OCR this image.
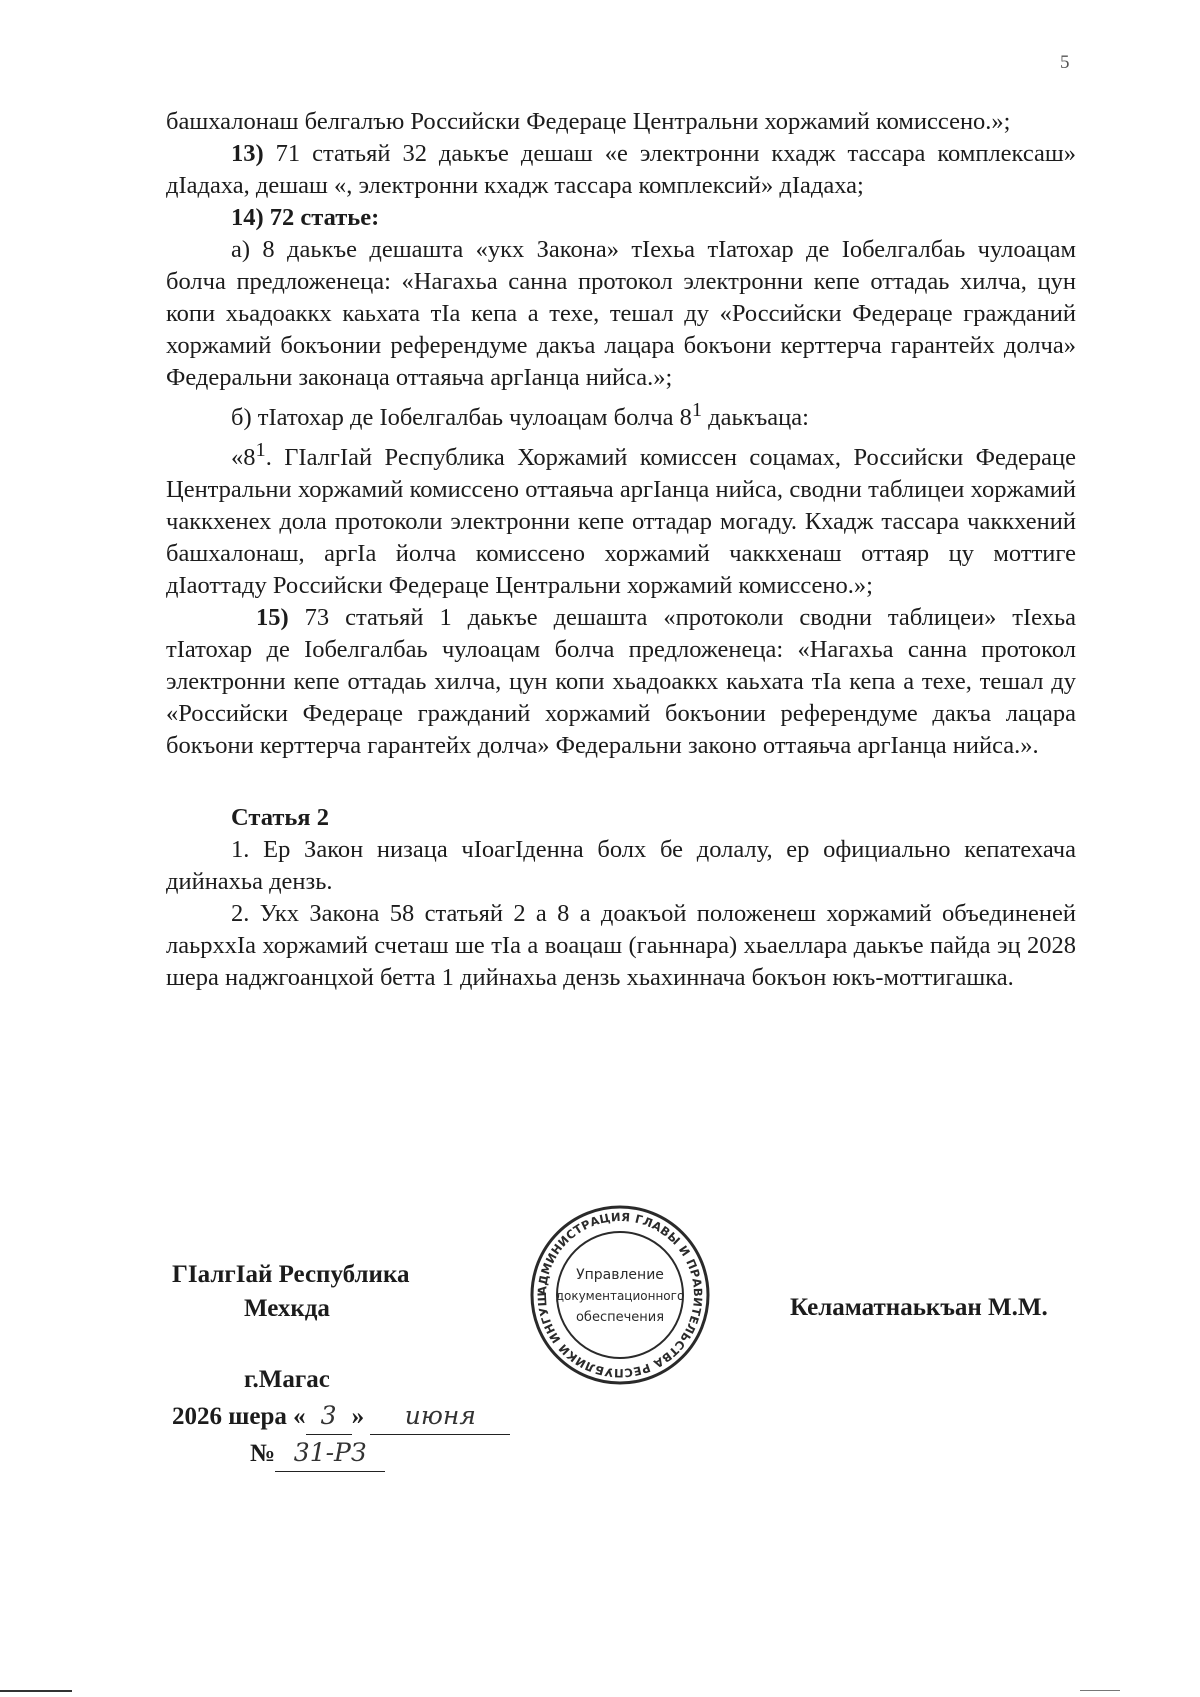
5

башхалонаш белгалъю Российски Федераце Центральни хоржамий комиссено.»;

13) 71 статьяй 32 даькъе дешаш «е электронни кхадж тассара комплексаш» дIадаха, дешаш «, электронни кхадж тассара комплексий» дIадаха;

14) 72 статье:

а) 8 даькъе дешашта «укх Закона» тIехьа тIатохар де Iобелгалбаь чулоацам болча предложенеца: «Нагахьа санна протокол электронни кепе оттадаь хилча, цун копи хьадоаккх каьхата тIа кепа а техе, тешал ду «Российски Федераце гражданий хоржамий бокъонии референдуме дакъа лацара бокъони керттерча гарантейх долча» Федеральни законаца оттаяьча аргIанца нийса.»;

б) тIатохар де Iобелгалбаь чулоацам болча $8^1$ даькъаца:

«$8^1$. ГIалгIай Республика Хоржамий комиссен соцамах, Российски Федераце Центральни хоржамий комиссено оттаяьча аргIанца нийса, сводни таблицеи хоржамий чаккхенех дола протоколи электронни кепе оттадар могаду. Кхадж тассара чаккхений башхалонаш, аргIа йолча комиссено хоржамий чаккхенаш оттаяр цу моттиге дIаоттаду Российски Федераце Центральни хоржамий комиссено.»;

15) 73 статьяй 1 даькъе дешашта «протоколи сводни таблицеи» тIехьа тIатохар де Iобелгалбаь чулоацам болча предложенеца: «Нагахьа санна протокол электронни кепе оттадаь хилча, цун копи хьадоаккх каьхата тIа кепа а техе, тешал ду «Российски Федераце гражданий хоржамий бокъонии референдуме дакъа лацара бокъони керттерча гарантейх долча» Федеральни законо оттаяьча аргIанца нийса.».

Статья 2

1. Ер Закон низаца чIоагIденна болх бе долалу, ер официально кепатехача дийнахьа дензь.

2. Укх Закона 58 статьяй 2 а 8 а доакъой положенеш хоржамий объединеней лаьрххIа хоржамий счеташ ше тIа а воацаш (гаьннара) хьаеллара даькъе пайда эц 2028 шера наджгоанцхой бетта 1 дийнахьа дензь хьахиннача бокъон юкъ-моттигашка.

ГIалгIай Республика
Мехкда
г.Магас
2026 шера « 3 » июня
№ 31-РЗ
Келаматнаькъан М.М.
АДМИНИСТРАЦИЯ ГЛАВЫ И ПРАВИТЕЛЬСТВА РЕСПУБЛИКИ ИНГУШ
Управление
документационного
обеспечения
